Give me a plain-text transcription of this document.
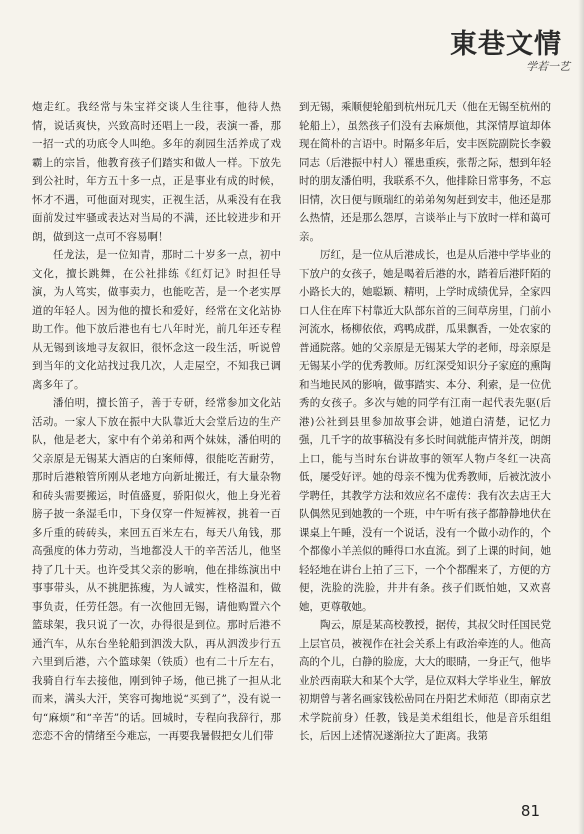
東巷文情
学若一艺

炮走红。我经常与朱宝祥交谈人生往事，他待人热情，说话爽快，兴致高时还唱上一段，表演一番，那一招一式的功底令人叫绝。多年的刹园生活养成了戏霸上的宗旨，他教育孩子们踏实和做人一样。下放先到公社时，年方五十多一点，正是事业有成的时候，怀才不遇，可他面对现实，正视生活，从乘没有在我面前发过牢骚或表达对当局的不满，还比较进步和开朗，做到这一点可不容易啊！

任龙法，是一位知青，那时二十岁多一点，初中文化，擅长跳舞，在公社排练《红灯记》时担任导演，为人笃实，做事卖力，也能吃苦，是一个老实厚道的年轻人。因为他的擅长和爱好，经常在文化站协助工作。他下放后港也有七八年时光，前几年还专程从无锡到该地寻友叙旧，很怀念这一段生活，听说曾到当年的文化站找过我几次，人走屋空，不知我已调离多年了。

潘伯明，擅长笛子，善于专研，经常参加文化站活动。一家人下放在振中大队靠近大会堂后边的生产队，他是老大，家中有个弟弟和两个妹妹，潘伯明的父亲原是无锡某大酒店的白案师傅，很能吃苦耐劳，那时后港粮管所刚从老地方向新址搬迁，有大量杂物和砖头需要搬运，时值盛夏，骄阳似火，他上身光着膀子披一条湿毛巾，下身仅穿一件短裤衩，挑着一百多斤重的砖砖头，来回五百米左右，每天八角钱，那高强度的体力劳动，当地都没人干的辛苦活儿，他坚持了几十天。也许受其父亲的影响，他在排练演出中事事带头，从不挑肥拣瘦，为人诚实，性格温和，做事负责，任劳任怨。有一次他回无锡，请他购置六个篮球架，我只说了一次，办得很是到位。那时后港不通汽车，从东台坐轮船到泗泼大队，再从泗泼步行五六里到后港，六个篮球架（铁质）也有二十斤左右，我骑自行车去接他，刚到钟子场，他已挑了一担从北而来，满头大汗，笑容可掬地说“买到了”，没有说一句“麻烦”和“辛苦”的话。回城时，专程向我辞行，那恋恋不舍的情绪至今难忘，一再要我暑假把女儿们带

到无锡，乘顺便轮船到杭州玩几天（他在无锡至杭州的轮船上），虽然孩子们没有去麻烦他，其深情厚谊却体现在简朴的言语中。时隔多年后，安丰医院副院长李毅同志（后港振中村人）罹患重疾，张帮之际，想到年轻时的朋友潘伯明，我联系不久，他排除日常事务，不忘旧情，次日便与顾瑞红的弟弟匆匆赶到安丰，他还是那么热情，还是那么怨厚，言谈举止与下放时一样和蔼可亲。

厉红，是一位从后港成长，也是从后港中学毕业的下放户的女孩子，她是喝着后港的水，踏着后港阡陌的小路长大的，她聪颖、精明，上学时成绩优异，全家四口人住在库下村靠近大队部东首的三间草房里，门前小河流水，杨柳依依，鸡鸭成群，瓜果飘香，一处农家的普通院落。她的父亲原是无锡某大学的老师，母亲原是无锡某小学的优秀教师。厉红深受知识分子家庭的熏陶和当地民风的影响，做事踏实、本分、利索，是一位优秀的女孩子。多次与她的同学有江南一起代表先驱(后港)公社到县里参加故事会讲，她道白清楚，记忆力强，几千字的故事稿没有多长时间就能声情并茂，朗朗上口，能与当时东台讲故事的领军人物卢冬红一决高低，屡受好评。她的母亲不愧为优秀教师，后被沈波小学聘任，其教学方法和效应名不虚传：我有次去店王大队偶然见到她教的一个班，中午听有孩子都静静地伏在课桌上午睡，没有一个说话，没有一个做小动作的，个个都像小羊羔似的睡得口水直流。到了上课的时间，她轻轻地在讲台上拍了三下，一个个都醒来了，方便的方便，洗脸的洗脸，井井有条。孩子们既怕她，又欢喜她，更尊敬她。

陶云，原是某高校教授，据传，其叔父时任国民党上层官员，被视作在社会关系上有政治牵连的人。他高高的个儿，白静的脸庞，大大的眼睛，一身正气，他毕业於西南联大和某个大学，是位双料大学毕业生，解放初期曾与著名画家钱松嵒同在丹阳艺术师范（即南京艺术学院前身）任教，钱是美术组组长，他是音乐组组长，后因上述情况遂渐拉大了距离。我第

81
